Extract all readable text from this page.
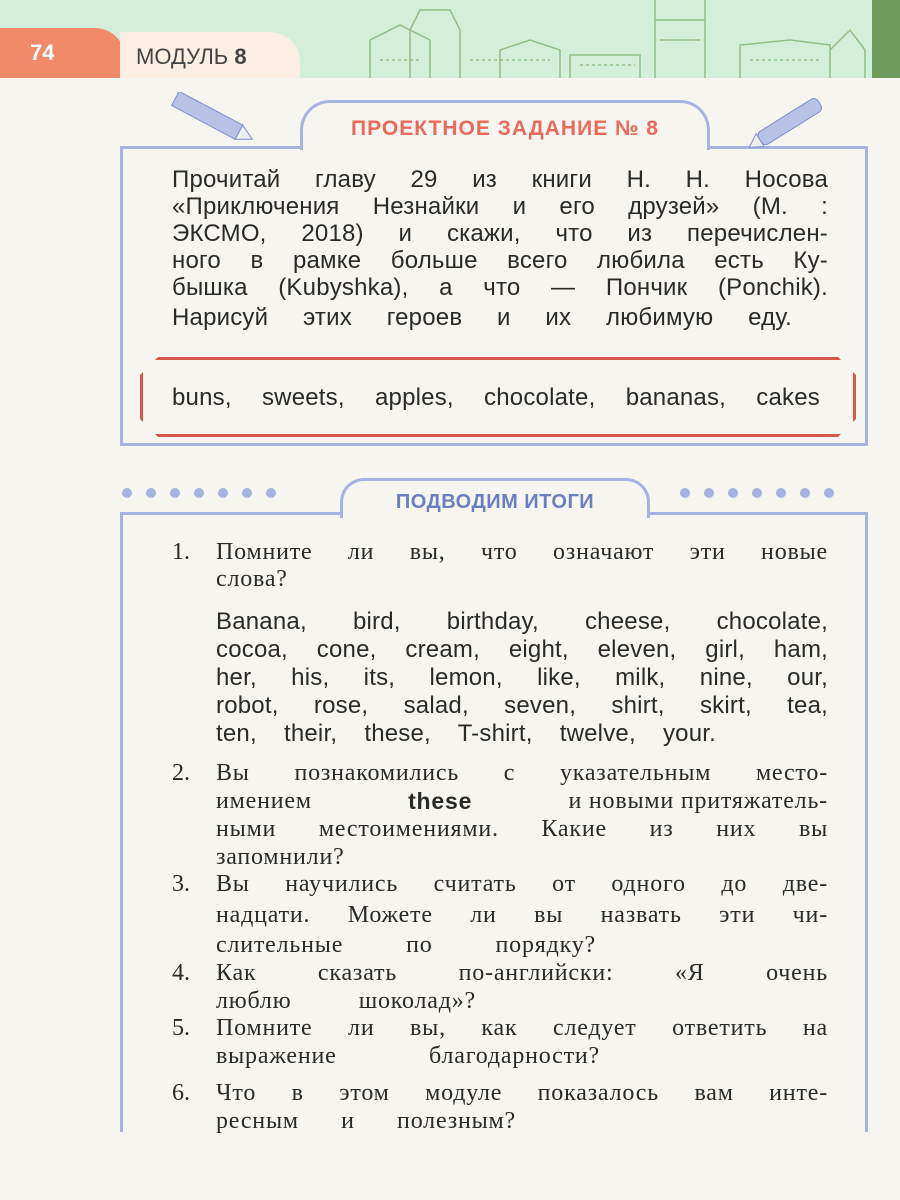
74	МОДУЛЬ 8
ПРОЕКТНОЕ ЗАДАНИЕ № 8
Прочитай главу 29 из книги Н. Н. Носова
«Приключения Незнайки и его друзей» (М. :
ЭКСМО, 2018) и скажи, что из перечислен-
ного в рамке больше всего любила есть Ку-
бышка (Kubyshka), а что — Пончик (Ponchik).
Нарисуй этих героев и их любимую еду.
buns, sweets, apples, chocolate, bananas, cakes
ПОДВОДИМ ИТОГИ
1. Помните ли вы, что означают эти новые
слова?
Banana, bird, birthday, cheese, chocolate,
cocoa, cone, cream, eight, eleven, girl, ham,
her, his, its, lemon, like, milk, nine, our,
robot, rose, salad, seven, shirt, skirt, tea,
ten, their, these, T-shirt, twelve, your.
2. Вы познакомились с указательным место-
имением	these	и новыми притяжатель-
ными местоимениями. Какие из них вы
запомнили?
3. Вы научились считать от одного до две-
надцати. Можете ли вы назвать эти чи-
слительные по порядку?
4. Как сказать по-английски: «Я очень
люблю шоколад»?
5. Помните ли вы, как следует ответить на
выражение благодарности?
6. Что в этом модуле показалось вам инте-
ресным и полезным?
